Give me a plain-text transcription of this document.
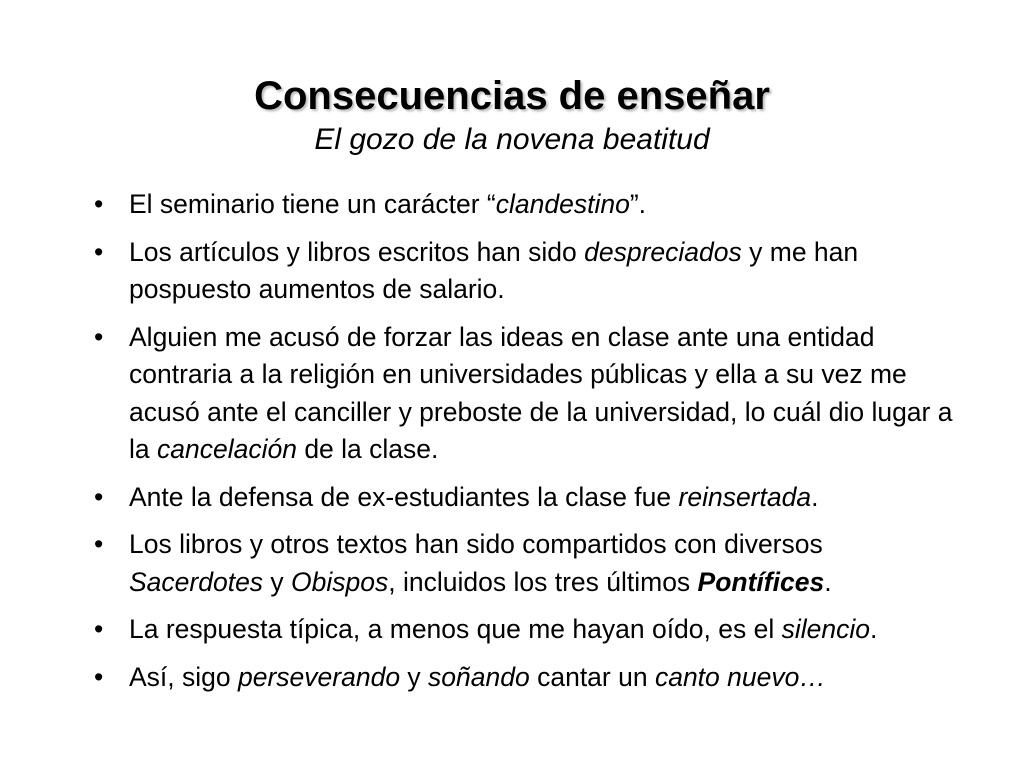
Consecuencias de enseñar

El gozo de la novena beatitud

• El seminario tiene un carácter “clandestino”.
• Los artículos y libros escritos han sido despreciados y me han pospuesto aumentos de salario.
• Alguien me acusó de forzar las ideas en clase ante una entidad contraria a la religión en universidades públicas y ella a su vez me acusó ante el canciller y preboste de la universidad, lo cuál dio lugar a la cancelación de la clase.
• Ante la defensa de ex-estudiantes la clase fue reinsertada.
• Los libros y otros textos han sido compartidos con diversos Sacerdotes y Obispos, incluidos los tres últimos Pontífices.
• La respuesta típica, a menos que me hayan oído, es el silencio.
• Así, sigo perseverando y soñando cantar un canto nuevo…
